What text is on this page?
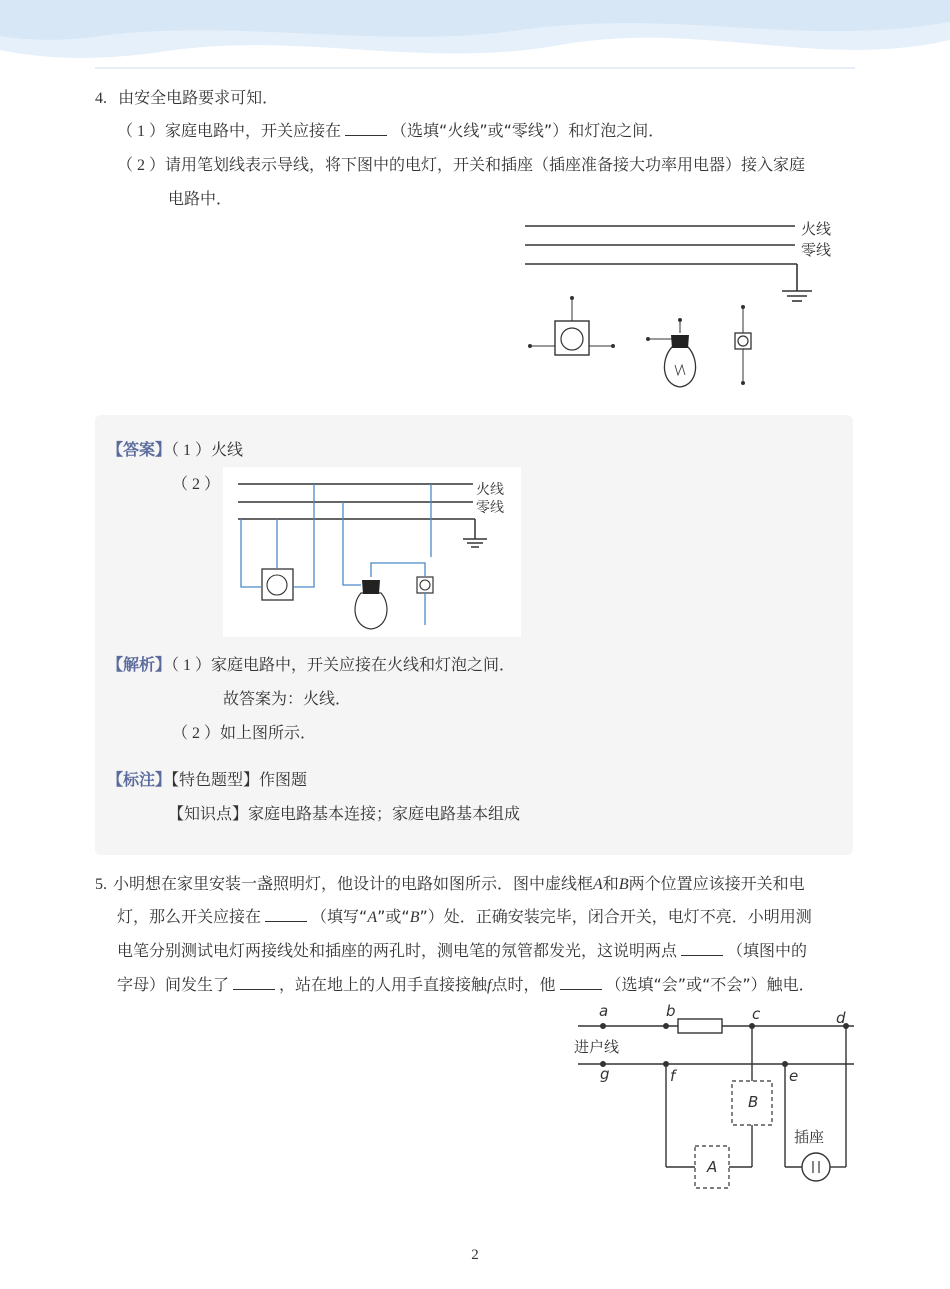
4. 由安全电路要求可知．
（ 1 ）家庭电路中，开关应接在	（选填“火线”或“零线”）和灯泡之间．
（ 2 ）请用笔划线表示导线，将下图中的电灯，开关和插座（插座准备接大功率用电器）接入家庭
电路中．
火线
零线
【答案】（ 1 ）火线
（ 2 ）	火线
零线
【解析】（ 1 ）家庭电路中，开关应接在火线和灯泡之间．
故答案为：火线．
（ 2 ）如上图所示．
【标注】【特色题型】作图题
【知识点】家庭电路基本连接；家庭电路基本组成
5. 小明想在家里安装一盏照明灯，他设计的电路如图所示．图中虚线框A和B两个位置应该接开关和电
灯，那么开关应接在	（填写“A”或“B”）处．正确安装完毕，闭合开关，电灯不亮．小明用测
电笔分别测试电灯两接线处和插座的两孔时，测电笔的氖管都发光，这说明两点	（填图中的
字母）间发生了	，站在地上的人用手直接接触f点时，他	（选填“会”或“不会”）触电．
a	b	c	d
g	f	e
B
A
进户线
插座
2
